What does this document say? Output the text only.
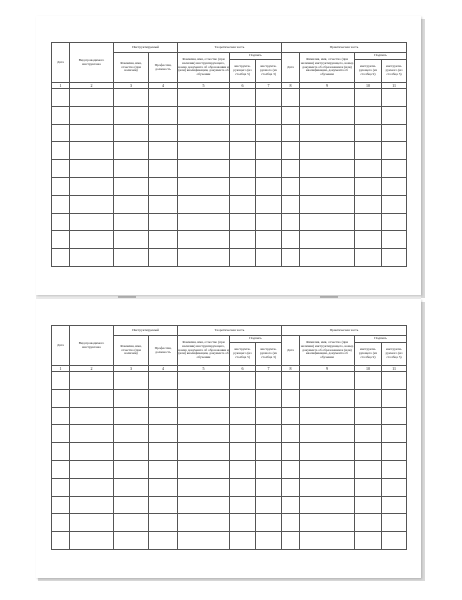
Дата	Вид проводимого инструктажа	Инструктируемый		Теоретическая часть			Практическая часть			
		Фамилия, имя, отчество (при наличии)	Профессия, должность	Фамилия, имя, отчество (при наличии) инструктирующего, номер документа об образовании и (или) квалификации, документа об обучении	Подпись		Дата	Фамилия, имя, отчество (при наличии) инструктирующего, номер документа об образовании и (или) квалификации, документа об обучении	Подпись	
					инструкти-рующего (из столбца 5)	инструкти-руемого (из столбца 3)			инструкти-рующего (из столбца 9)	инструкти-руемого (из столбца 3)
1	2	3	4	5	6	7	8	9	10	11

Дата	Вид проводимого инструктажа	Инструктируемый		Теоретическая часть			Практическая часть			
		Фамилия, имя, отчество (при наличии)	Профессия, должность	Фамилия, имя, отчество (при наличии) инструктирующего, номер документа об образовании и (или) квалификации, документа об обучении	Подпись		Дата	Фамилия, имя, отчество (при наличии) инструктирующего, номер документа об образовании и (или) квалификации, документа об обучении	Подпись	
					инструкти-рующего (из столбца 5)	инструкти-руемого (из столбца 3)			инструкти-рующего (из столбца 9)	инструкти-руемого (из столбца 3)
1	2	3	4	5	6	7	8	9	10	11
